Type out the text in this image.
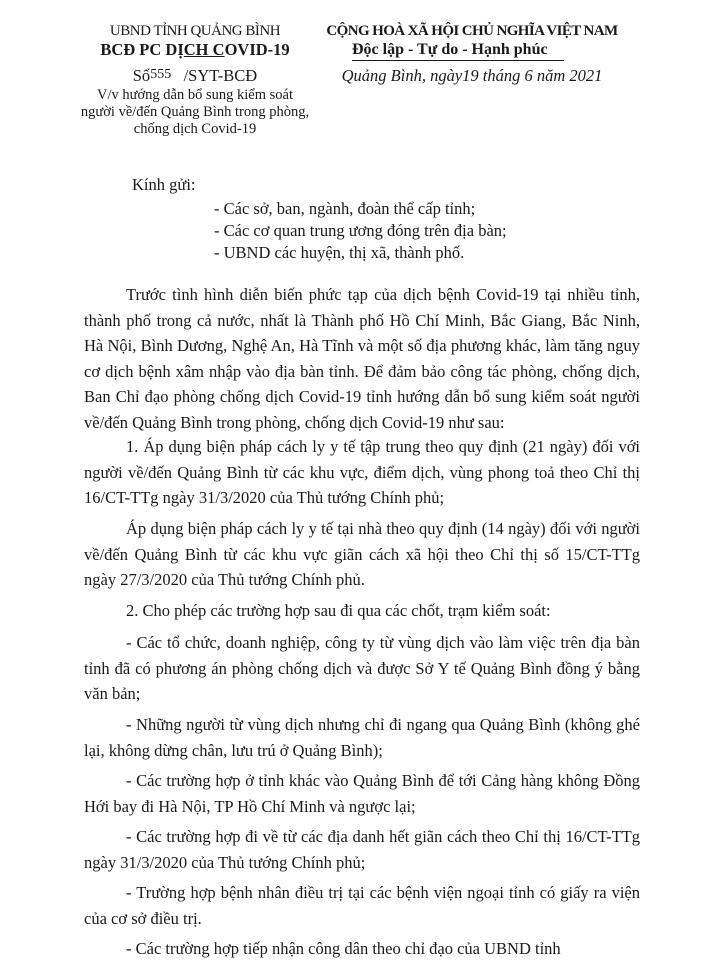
UBND TỈNH QUẢNG BÌNH
BCĐ PC DỊCH COVID-19
Số555 /SYT-BCĐ
V/v hướng dẫn bổ sung kiểm soát
người về/đến Quảng Bình trong phòng,
chống dịch Covid-19
CỘNG HOÀ XÃ HỘI CHỦ NGHĨA VIỆT NAM
Độc lập - Tự do - Hạnh phúc
Quảng Bình, ngày19 tháng 6 năm 2021
Kính gửi:
- Các sở, ban, ngành, đoàn thể cấp tỉnh;
- Các cơ quan trung ương đóng trên địa bàn;
- UBND các huyện, thị xã, thành phố.
Trước tình hình diễn biến phức tạp của dịch bệnh Covid-19 tại nhiều tỉnh, thành phố trong cả nước, nhất là Thành phố Hồ Chí Minh, Bắc Giang, Bắc Ninh, Hà Nội, Bình Dương, Nghệ An, Hà Tĩnh và một số địa phương khác, làm tăng nguy cơ dịch bệnh xâm nhập vào địa bàn tỉnh. Để đảm bảo công tác phòng, chống dịch, Ban Chỉ đạo phòng chống dịch Covid-19 tỉnh hướng dẫn bổ sung kiểm soát người về/đến Quảng Bình trong phòng, chống dịch Covid-19 như sau:
1. Áp dụng biện pháp cách ly y tế tập trung theo quy định (21 ngày) đối với người về/đến Quảng Bình từ các khu vực, điểm dịch, vùng phong toả theo Chỉ thị 16/CT-TTg ngày 31/3/2020 của Thủ tướng Chính phủ;
Áp dụng biện pháp cách ly y tế tại nhà theo quy định (14 ngày) đối với người về/đến Quảng Bình từ các khu vực giãn cách xã hội theo Chỉ thị số 15/CT-TTg ngày 27/3/2020 của Thủ tướng Chính phủ.
2. Cho phép các trường hợp sau đi qua các chốt, trạm kiểm soát:
- Các tổ chức, doanh nghiệp, công ty từ vùng dịch vào làm việc trên địa bàn tỉnh đã có phương án phòng chống dịch và được Sở Y tế Quảng Bình đồng ý bằng văn bản;
- Những người từ vùng dịch nhưng chỉ đi ngang qua Quảng Bình (không ghé lại, không dừng chân, lưu trú ở Quảng Bình);
- Các trường hợp ở tỉnh khác vào Quảng Bình để tới Cảng hàng không Đồng Hới bay đi Hà Nội, TP Hồ Chí Minh và ngược lại;
- Các trường hợp đi về từ các địa danh hết giãn cách theo Chỉ thị 16/CT-TTg ngày 31/3/2020 của Thủ tướng Chính phủ;
- Trường hợp bệnh nhân điều trị tại các bệnh viện ngoại tỉnh có giấy ra viện của cơ sở điều trị.
- Các trường hợp tiếp nhận công dân theo chỉ đạo của UBND tỉnh
